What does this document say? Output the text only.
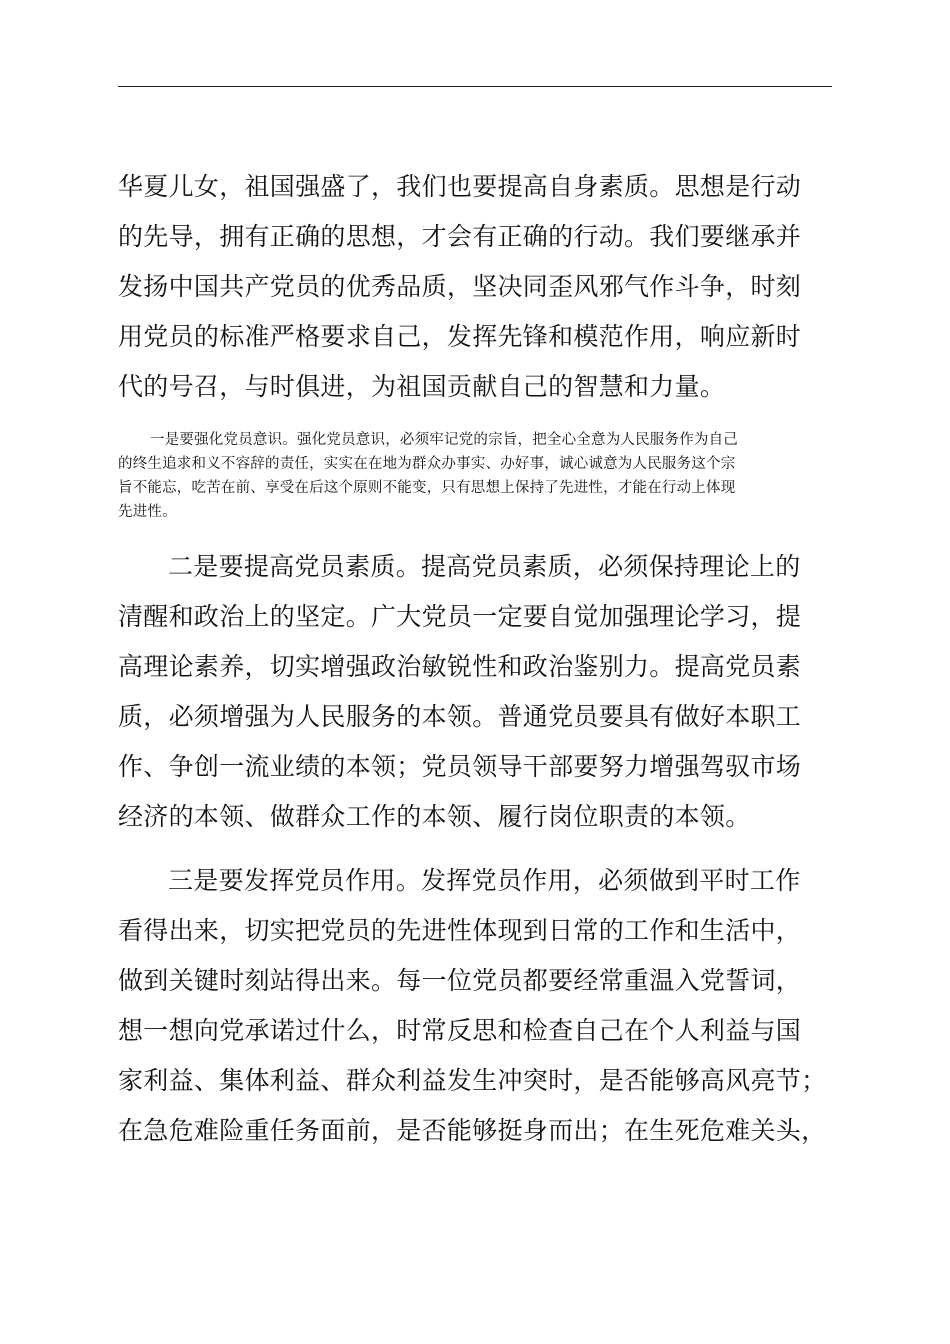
华夏儿女，祖国强盛了，我们也要提高自身素质。思想是行动
的先导，拥有正确的思想，才会有正确的行动。我们要继承并
发扬中国共产党员的优秀品质，坚决同歪风邪气作斗争，时刻
用党员的标准严格要求自己，发挥先锋和模范作用，响应新时
代的号召，与时俱进，为祖国贡献自己的智慧和力量。
一是要强化党员意识。强化党员意识，必须牢记党的宗旨，把全心全意为人民服务作为自己
的终生追求和义不容辞的责任，实实在在地为群众办事实、办好事，诚心诚意为人民服务这个宗
旨不能忘，吃苦在前、享受在后这个原则不能变，只有思想上保持了先进性，才能在行动上体现
先进性。
二是要提高党员素质。提高党员素质，必须保持理论上的
清醒和政治上的坚定。广大党员一定要自觉加强理论学习，提
高理论素养，切实增强政治敏锐性和政治鉴别力。提高党员素
质，必须增强为人民服务的本领。普通党员要具有做好本职工
作、争创一流业绩的本领；党员领导干部要努力增强驾驭市场
经济的本领、做群众工作的本领、履行岗位职责的本领。
三是要发挥党员作用。发挥党员作用，必须做到平时工作
看得出来，切实把党员的先进性体现到日常的工作和生活中，
做到关键时刻站得出来。每一位党员都要经常重温入党誓词，
想一想向党承诺过什么，时常反思和检查自己在个人利益与国
家利益、集体利益、群众利益发生冲突时，是否能够高风亮节；
在急危难险重任务面前，是否能够挺身而出；在生死危难关头，
